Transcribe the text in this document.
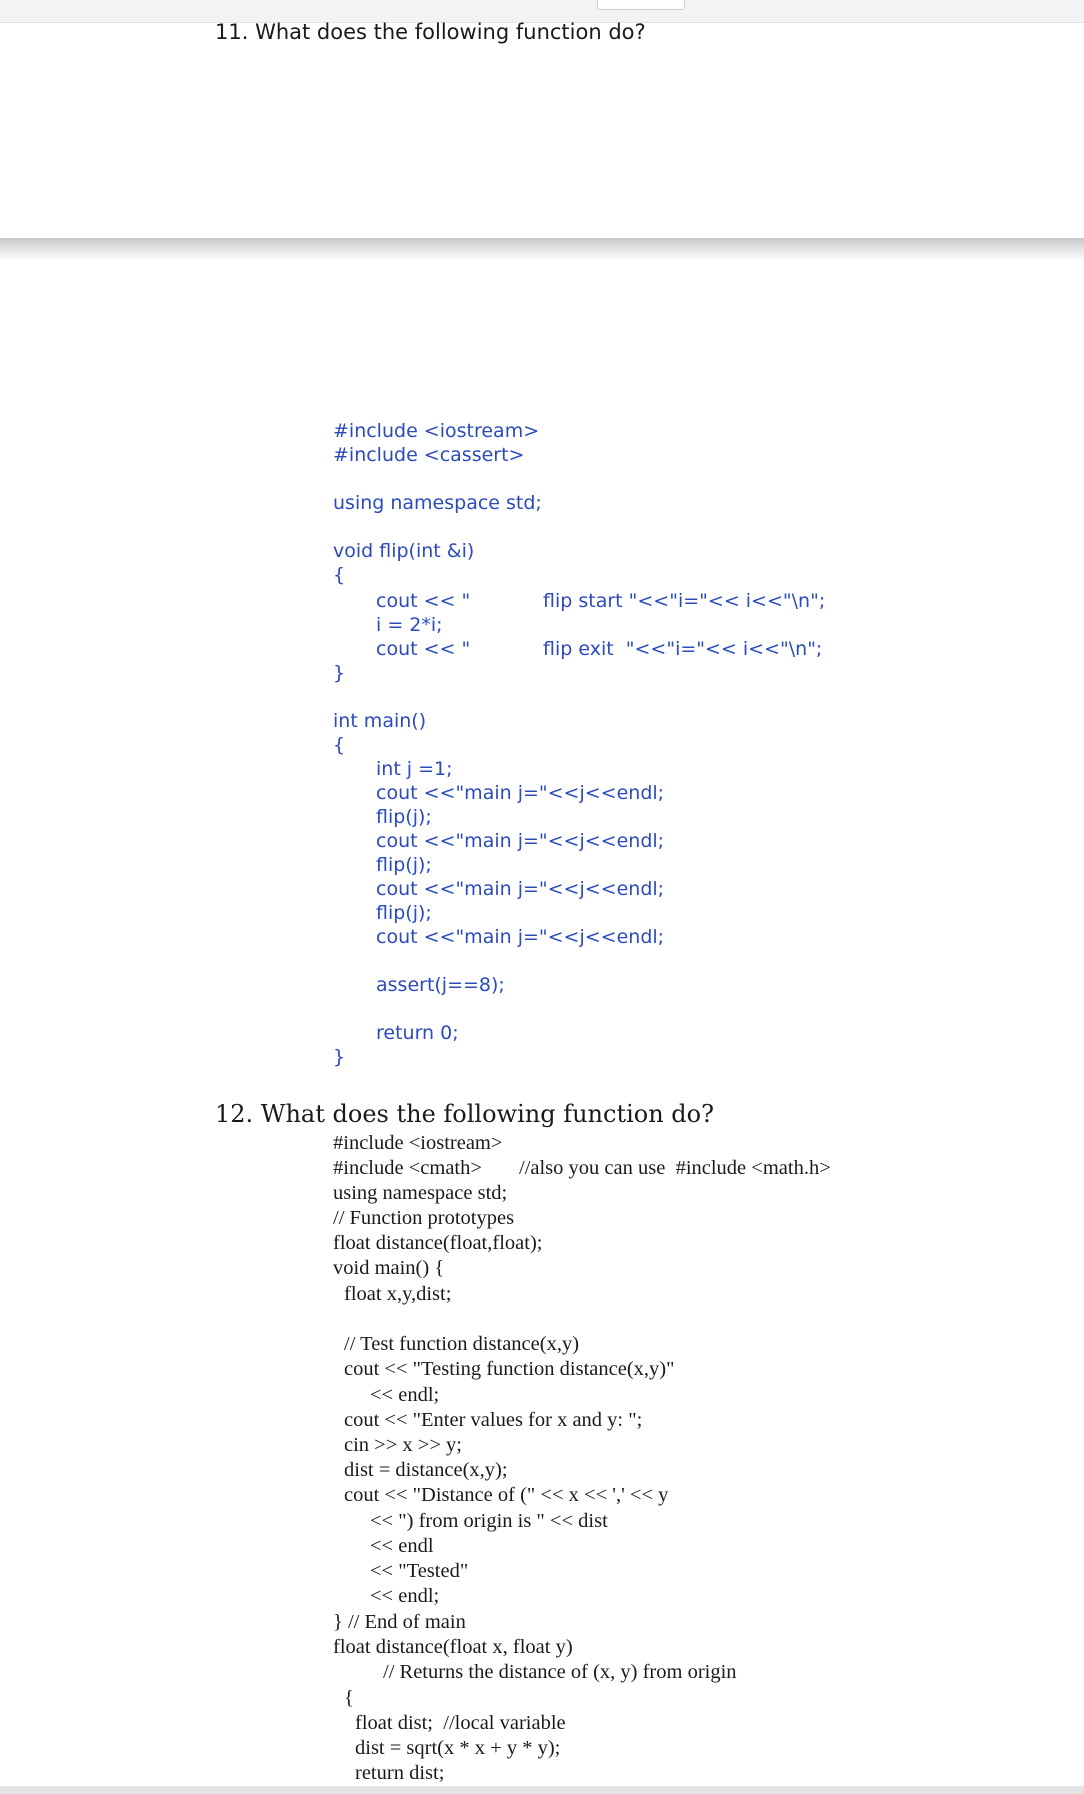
11. What does the following function do?
#include <iostream>
#include <cassert>
using namespace std;
void flip(int &i)
{
cout << "	flip start "<<"i="<< i<<"\n";
i = 2*i;
cout << "	flip exit  "<<"i="<< i<<"\n";
}
int main()
{
int j =1;
cout <<"main j="<<j<<endl;
flip(j);
cout <<"main j="<<j<<endl;
flip(j);
cout <<"main j="<<j<<endl;
flip(j);
cout <<"main j="<<j<<endl;
assert(j==8);
return 0;
}
12. What does the following function do?
#include <iostream>
#include <cmath> //also you can use  #include <math.h>
using namespace std;
// Function prototypes
float distance(float,float);
void main() {
float x,y,dist;
// Test function distance(x,y)
cout << "Testing function distance(x,y)"
<< endl;
cout << "Enter values for x and y: ";
cin >> x >> y;
dist = distance(x,y);
cout << "Distance of (" << x << ',' << y
<< ") from origin is " << dist
<< endl
<< "Tested"
<< endl;
} // End of main
float distance(float x, float y)
// Returns the distance of (x, y) from origin
{
float dist;  //local variable
dist = sqrt(x * x + y * y);
return dist;
